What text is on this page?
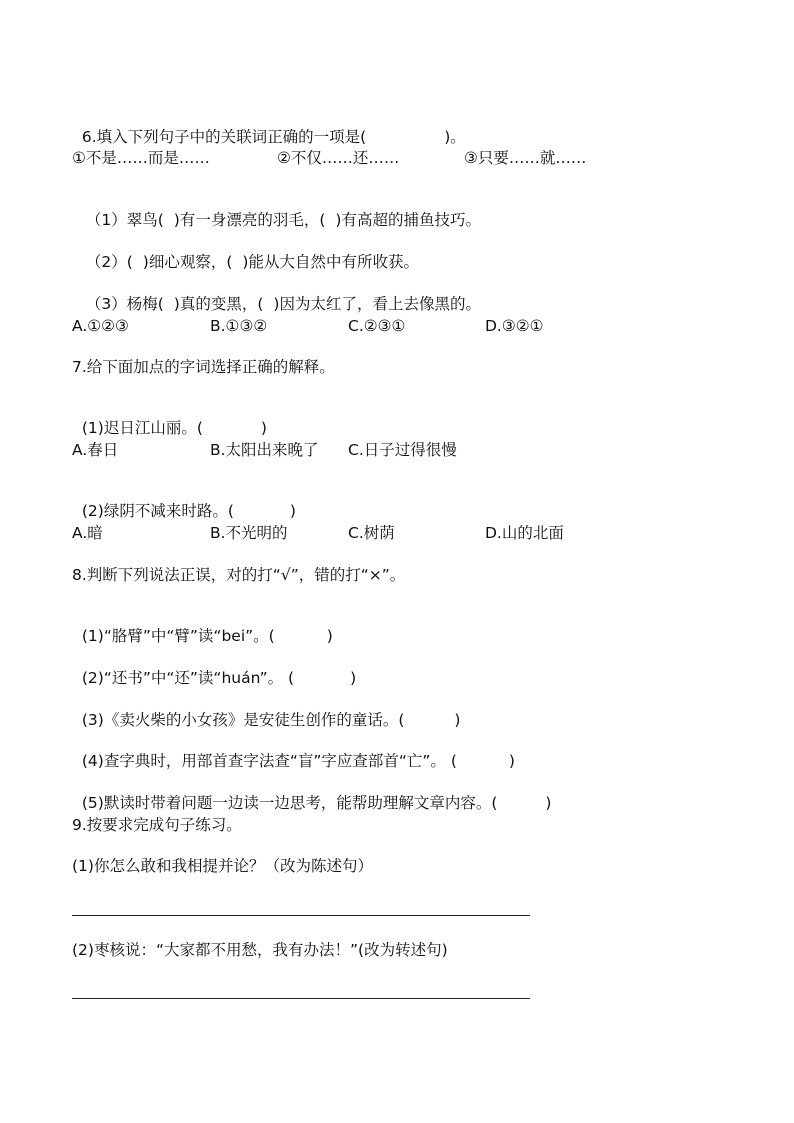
6.填入下列句子中的关联词正确的一项是(	)。

①不是……而是……	②不仅……还……	③只要……就……

（1）翠鸟( )有一身漂亮的羽毛，( )有高超的捕鱼技巧。

（2）( )细心观察，( )能从大自然中有所收获。

（3）杨梅( )真的变黑，( )因为太红了，看上去像黑的。

A.①②③	B.①③②	C.②③①	D.③②①
7.给下面加点的字词选择正确的解释。

(1)迟日江山丽。(	)

A.春日	B.太阳出来晚了 C.日子过得很慢

(2)绿阴不减来时路。(	)

A.暗	B.不光明的	C.树荫	D.山的北面
8.判断下列说法正误，对的打“√”，错的打“×”。

(1)“胳臂”中“臂”读“bei”。(	)

(2)“还书”中“还”读“huán”。 (	)

(3)《卖火柴的小女孩》是安徒生创作的童话。(	)

(4)查字典时，用部首查字法查“盲”字应查部首“亡”。 (	)

(5)默读时带着问题一边读一边思考，能帮助理解文章内容。(	)

9.按要求完成句子练习。
(1)你怎么敢和我相提并论？（改为陈述句）
(2)枣核说：“大家都不用愁，我有办法！”(改为转述句)
